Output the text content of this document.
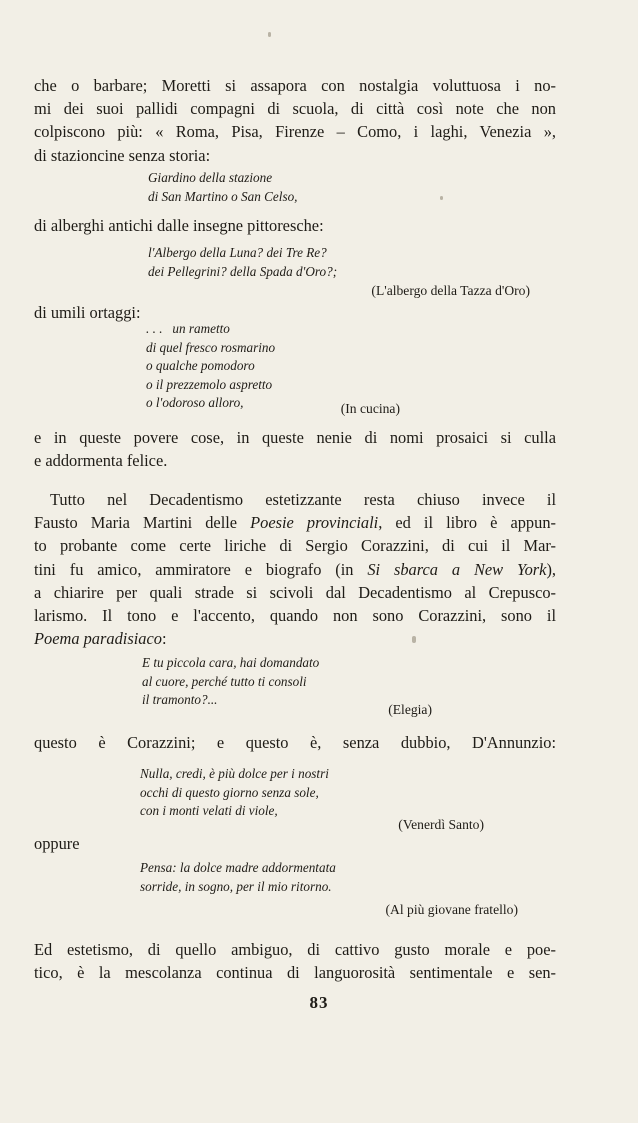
che o barbare; Moretti si assapora con nostalgia voluttuosa i no-
mi dei suoi pallidi compagni di scuola, di città così note che non
colpiscono più: « Roma, Pisa, Firenze – Como, i laghi, Venezia »,
di stazioncine senza storia:
Giardino della stazione
di San Martino o San Celso,
di alberghi antichi dalle insegne pittoresche:
l'Albergo della Luna? dei Tre Re?
dei Pellegrini? della Spada d'Oro?;
(L'albergo della Tazza d'Oro)
di umili ortaggi:
. . .   un rametto
di quel fresco rosmarino
o qualche pomodoro
o il prezzemolo aspretto
o l'odoroso alloro,	(In cucina)
e in queste povere cose, in queste nenie di nomi prosaici si culla
e addormenta felice.
Tutto nel Decadentismo estetizzante resta chiuso invece il
Fausto Maria Martini delle Poesie provinciali, ed il libro è appun-
to probante come certe liriche di Sergio Corazzini, di cui il Mar-
tini fu amico, ammiratore e biografo (in Si sbarca a New York),
a chiarire per quali strade si scivoli dal Decadentismo al Crepusco-
larismo. Il tono e l'accento, quando non sono Corazzini, sono il
Poema paradisiaco:
E tu piccola cara, hai domandato
al cuore, perché tutto ti consoli
il tramonto?...
(Elegia)
questo è Corazzini; e questo è, senza dubbio, D'Annunzio:
Nulla, credi, è più dolce per i nostri
occhi di questo giorno senza sole,
con i monti velati di viole,
(Venerdì Santo)
oppure
Pensa: la dolce madre addormentata
sorride, in sogno, per il mio ritorno.
(Al più giovane fratello)
Ed estetismo, di quello ambiguo, di cattivo gusto morale e poe-
tico, è la mescolanza continua di languorosità sentimentale e sen-
83
